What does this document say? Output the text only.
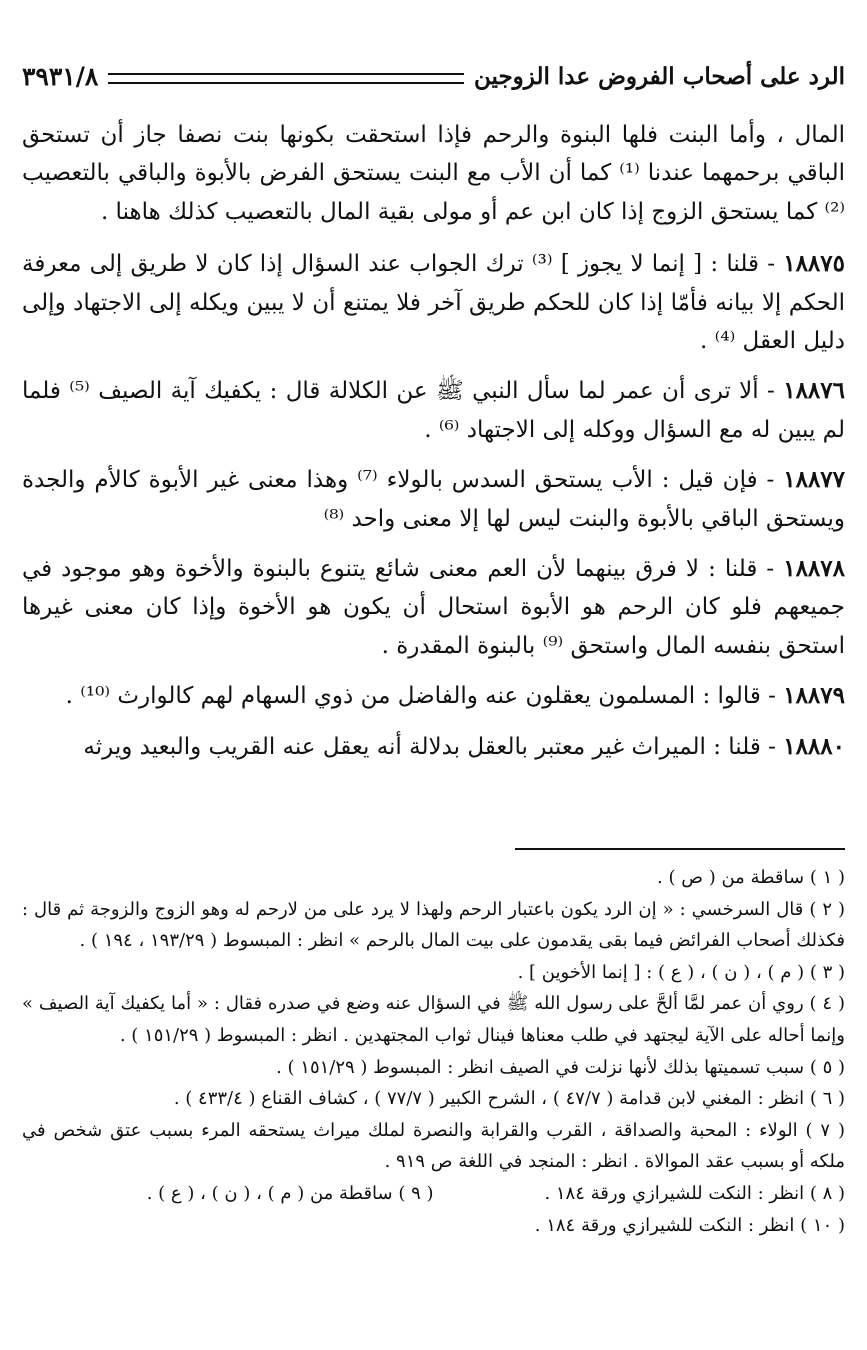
الرد على أصحاب الفروض عدا الزوجين
٣٩٣١/٨

المال ، وأما البنت فلها البنوة والرحم فإذا استحقت بكونها بنت نصفا جاز أن تستحق الباقي برحمهما عندنا ⁽¹⁾ كما أن الأب مع البنت يستحق الفرض بالأبوة والباقي بالتعصيب ⁽²⁾ كما يستحق الزوج إذا كان ابن عم أو مولى بقية المال بالتعصيب كذلك هاهنا .

١٨٨٧٥ - قلنا : [ إنما لا يجوز ] ⁽³⁾ ترك الجواب عند السؤال إذا كان لا طريق إلى معرفة الحكم إلا بيانه فأمّا إذا كان للحكم طريق آخر فلا يمتنع أن لا يبين ويكله إلى الاجتهاد وإلى دليل العقل ⁽⁴⁾ .

١٨٨٧٦ - ألا ترى أن عمر لما سأل النبي ﷺ عن الكلالة قال : يكفيك آية الصيف ⁽⁵⁾ فلما لم يبين له مع السؤال ووكله إلى الاجتهاد ⁽⁶⁾ .

١٨٨٧٧ - فإن قيل : الأب يستحق السدس بالولاء ⁽⁷⁾ وهذا معنى غير الأبوة كالأم والجدة ويستحق الباقي بالأبوة والبنت ليس لها إلا معنى واحد ⁽⁸⁾

١٨٨٧٨ - قلنا : لا فرق بينهما لأن العم معنى شائع يتنوع بالبنوة والأخوة وهو موجود في جميعهم فلو كان الرحم هو الأبوة استحال أن يكون هو الأخوة وإذا كان معنى غيرها استحق بنفسه المال واستحق ⁽⁹⁾ بالبنوة المقدرة .

١٨٨٧٩ - قالوا : المسلمون يعقلون عنه والفاضل من ذوي السهام لهم كالوارث ⁽¹⁰⁾ .

١٨٨٨٠ - قلنا : الميراث غير معتبر بالعقل بدلالة أنه يعقل عنه القريب والبعيد ويرثه

( ١ ) ساقطة من ( ص ) .

( ٢ ) قال السرخسي : « إن الرد يكون باعتبار الرحم ولهذا لا يرد على من لارحم له وهو الزوج والزوجة ثم قال : فكذلك أصحاب الفرائض فيما بقى يقدمون على بيت المال بالرحم » انظر : المبسوط ( ١٩٣/٢٩ ، ١٩٤ ) .

( ٣ ) ( م ) ، ( ن ) ، ( ع ) : [ إنما الأخوين ] .

( ٤ ) روي أن عمر لمَّا ألحَّ على رسول الله ﷺ في السؤال عنه وضع في صدره فقال : « أما يكفيك آية الصيف » وإنما أحاله على الآية ليجتهد في طلب معناها فينال ثواب المجتهدين . انظر : المبسوط ( ١٥١/٢٩ ) .

( ٥ ) سبب تسميتها بذلك لأنها نزلت في الصيف انظر : المبسوط ( ١٥١/٢٩ ) .

( ٦ ) انظر : المغني لابن قدامة ( ٤٧/٧ ) ، الشرح الكبير ( ٧٧/٧ ) ، كشاف القناع ( ٤٣٣/٤ ) .

( ٧ ) الولاء : المحبة والصداقة ، القرب والقرابة والنصرة لملك ميراث يستحقه المرء بسبب عتق شخص في ملكه أو بسبب عقد الموالاة . انظر : المنجد في اللغة ص ٩١٩ .

( ٨ ) انظر : النكت للشيرازي ورقة ١٨٤ .
( ٩ ) ساقطة من ( م ) ، ( ن ) ، ( ع ) .

( ١٠ ) انظر : النكت للشيرازي ورقة ١٨٤ .
